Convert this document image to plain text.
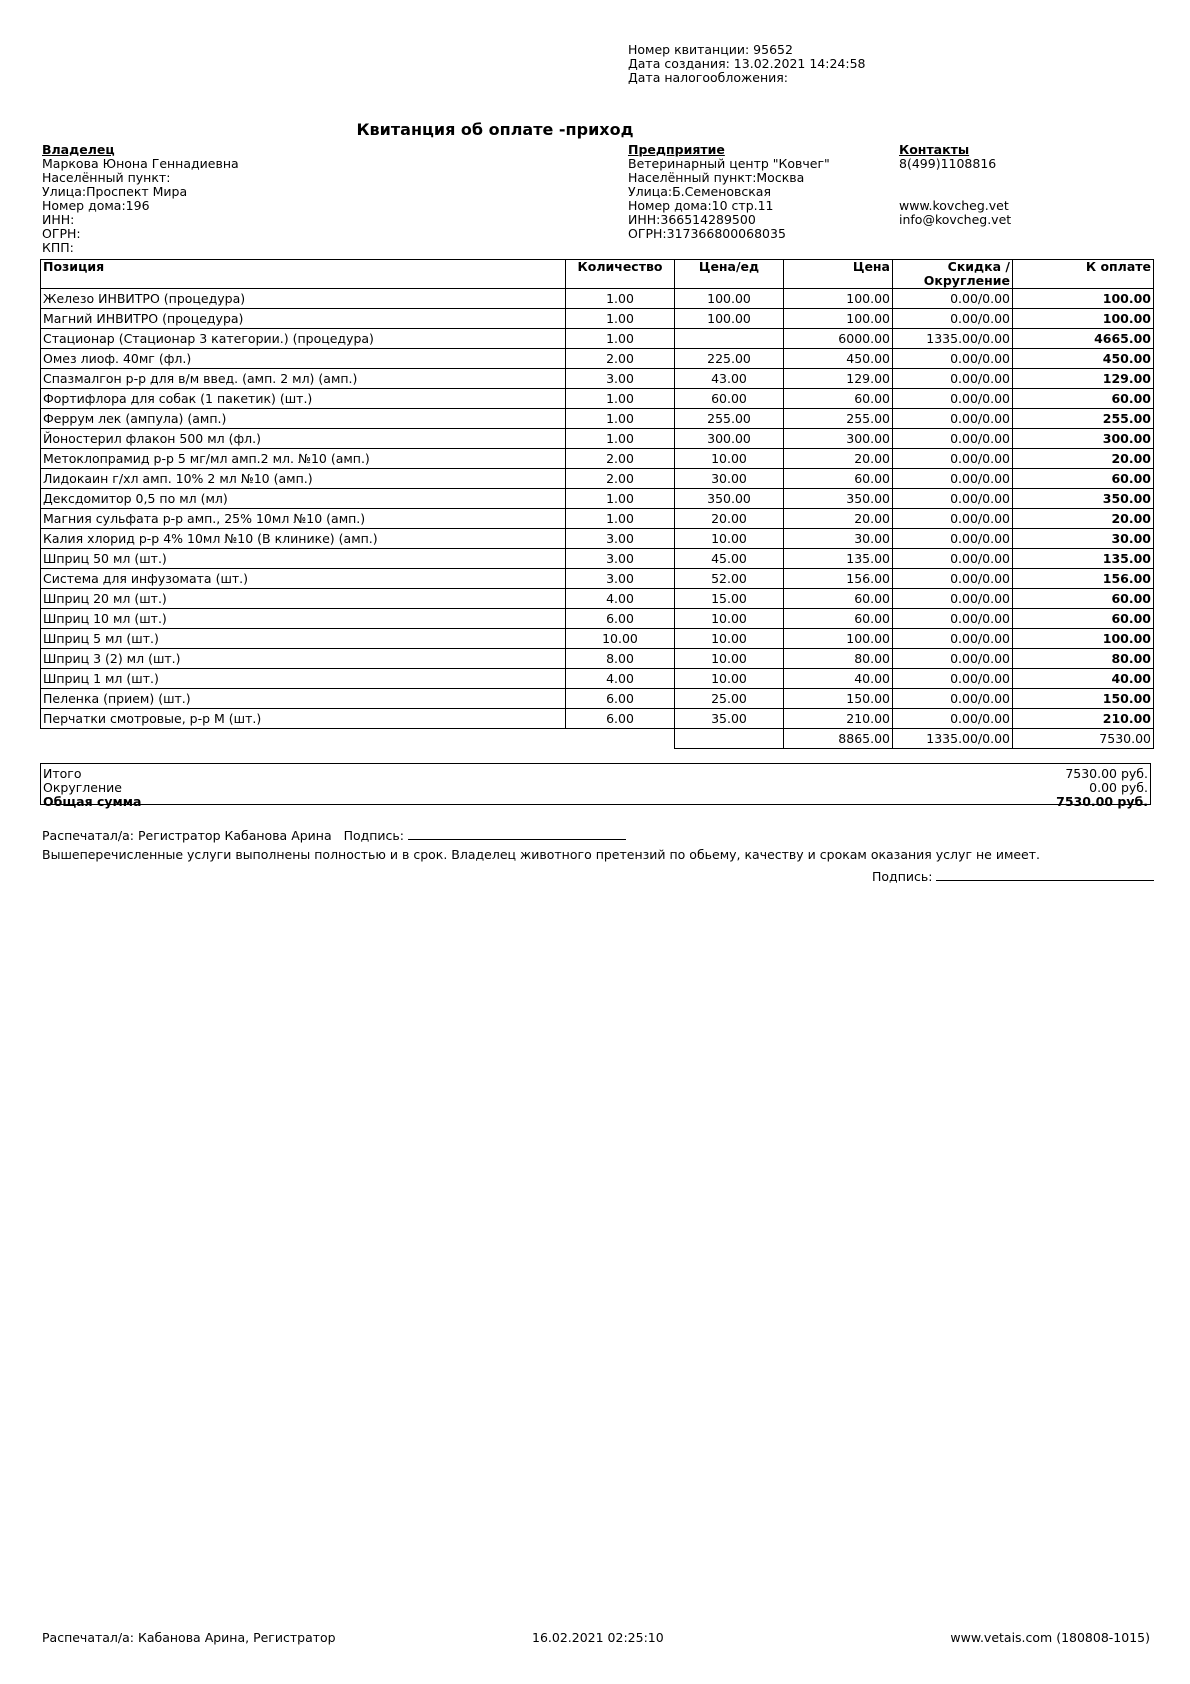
Номер квитанции: 95652
Дата создания: 13.02.2021 14:24:58
Дата налогообложения:
Квитанция об оплате -приход
Владелец
Маркова Юнона Геннадиевна
Населённый пункт:
Улица:Проспект Мира
Номер дома:196
ИНН:
ОГРН:
КПП:
Предприятие
Ветеринарный центр "Ковчег"
Населённый пункт:Москва
Улица:Б.Семеновская
Номер дома:10 стр.11
ИНН:366514289500
ОГРН:317366800068035
Контакты
8(499)1108816
www.kovcheg.vet
info@kovcheg.vet
Позиция	Количество	Цена/ед	Цена	Скидка /
Округление	К оплате
Железо ИНВИТРО (процедура)	1.00	100.00	100.00	0.00/0.00	100.00
Магний ИНВИТРО (процедура)	1.00	100.00	100.00	0.00/0.00	100.00
Стационар (Стационар 3 категории.) (процедура)	1.00		6000.00	1335.00/0.00	4665.00
Омез лиоф. 40мг (фл.)	2.00	225.00	450.00	0.00/0.00	450.00
Спазмалгон р-р для в/м введ. (амп. 2 мл) (амп.)	3.00	43.00	129.00	0.00/0.00	129.00
Фортифлора для собак (1 пакетик) (шт.)	1.00	60.00	60.00	0.00/0.00	60.00
Феррум лек (ампула) (амп.)	1.00	255.00	255.00	0.00/0.00	255.00
Йоностерил флакон 500 мл (фл.)	1.00	300.00	300.00	0.00/0.00	300.00
Метоклопрамид р-р 5 мг/мл амп.2 мл. №10 (амп.)	2.00	10.00	20.00	0.00/0.00	20.00
Лидокаин г/хл амп. 10% 2 мл №10 (амп.)	2.00	30.00	60.00	0.00/0.00	60.00
Дексдомитор 0,5 по мл (мл)	1.00	350.00	350.00	0.00/0.00	350.00
Магния сульфата р-р амп., 25% 10мл №10 (амп.)	1.00	20.00	20.00	0.00/0.00	20.00
Калия хлорид р-р 4% 10мл №10 (В клинике) (амп.)	3.00	10.00	30.00	0.00/0.00	30.00
Шприц 50 мл (шт.)	3.00	45.00	135.00	0.00/0.00	135.00
Система для инфузомата (шт.)	3.00	52.00	156.00	0.00/0.00	156.00
Шприц 20 мл (шт.)	4.00	15.00	60.00	0.00/0.00	60.00
Шприц 10 мл (шт.)	6.00	10.00	60.00	0.00/0.00	60.00
Шприц 5 мл (шт.)	10.00	10.00	100.00	0.00/0.00	100.00
Шприц 3 (2) мл (шт.)	8.00	10.00	80.00	0.00/0.00	80.00
Шприц 1 мл (шт.)	4.00	10.00	40.00	0.00/0.00	40.00
Пеленка (прием) (шт.)	6.00	25.00	150.00	0.00/0.00	150.00
Перчатки смотровые, р-р M (шт.)	6.00	35.00	210.00	0.00/0.00	210.00
			8865.00	1335.00/0.00	7530.00
Итого	7530.00 руб.
Округление	0.00 руб.
Общая сумма	7530.00 руб.
Распечатал/а: Регистратор Кабанова Арина Подпись:
Вышеперечисленные услуги выполнены полностью и в срок. Владелец животного претензий по обьему, качеству и срокам оказания услуг не имеет.
Подпись:
Распечатал/а: Кабанова Арина, Регистратор	16.02.2021 02:25:10	www.vetais.com (180808-1015)
